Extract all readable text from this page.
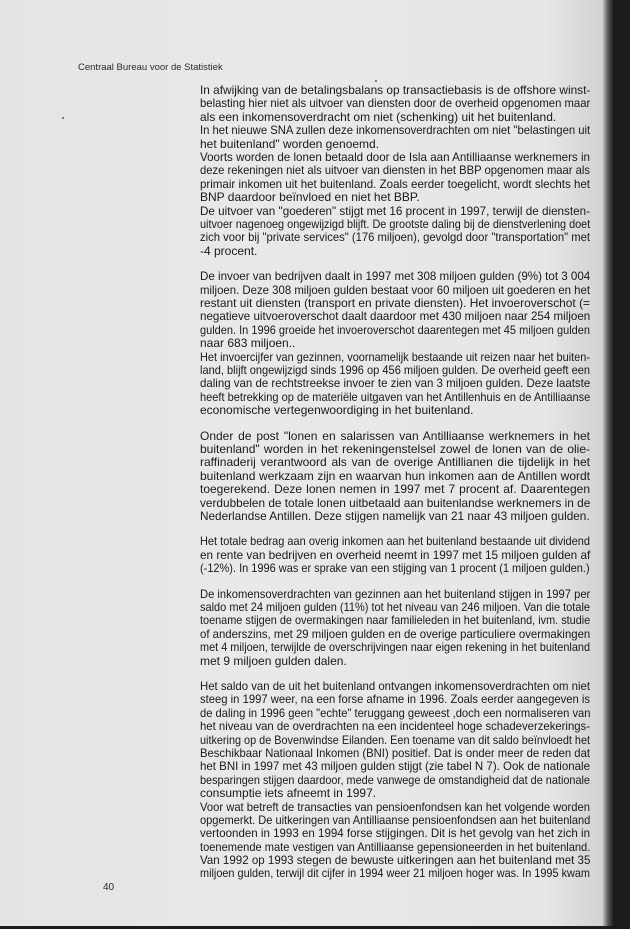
Centraal Bureau voor de Statistiek
In afwijking van de betalingsbalans op transactiebasis is de offshore winst-
belasting hier niet als uitvoer van diensten door de overheid opgenomen maar
als een inkomensoverdracht om niet (schenking) uit het buitenland.
In het nieuwe SNA zullen deze inkomensoverdrachten om niet "belastingen uit
het buitenland" worden genoemd.
Voorts worden de lonen betaald door de Isla aan Antilliaanse werknemers in
deze rekeningen niet als uitvoer van diensten in het BBP opgenomen maar als
primair inkomen uit het buitenland. Zoals eerder toegelicht, wordt slechts het
BNP daardoor beïnvloed en niet het BBP.
De uitvoer van "goederen" stijgt met 16 procent in 1997, terwijl de diensten-
uitvoer nagenoeg ongewijzigd blijft. De grootste daling bij de dienstverlening doet
zich voor bij "private services" (176 miljoen), gevolgd door "transportation" met
-4 procent.
De invoer van bedrijven daalt in 1997 met 308 miljoen gulden (9%) tot 3 004
miljoen. Deze 308 miljoen gulden bestaat voor 60 miljoen uit goederen en het
restant uit diensten (transport en private diensten). Het invoeroverschot (=
negatieve uitvoeroverschot daalt daardoor met 430 miljoen naar 254 miljoen
gulden. In 1996 groeide het invoeroverschot daarentegen met 45 miljoen gulden
naar 683 miljoen..
Het invoercijfer van gezinnen, voornamelijk bestaande uit reizen naar het buiten-
land, blijft ongewijzigd sinds 1996 op 456 miljoen gulden. De overheid geeft een
daling van de rechtstreekse invoer te zien van 3 miljoen gulden. Deze laatste
heeft betrekking op de materiële uitgaven van het Antillenhuis en de Antilliaanse
economische vertegenwoordiging in het buitenland.
Onder de post "lonen en salarissen van Antilliaanse werknemers in het
buitenland" worden in het rekeningenstelsel zowel de lonen van de olie-
raffinaderij verantwoord als van de overige Antillianen die tijdelijk in het
buitenland werkzaam zijn en waarvan hun inkomen aan de Antillen wordt
toegerekend. Deze lonen nemen in 1997 met 7 procent af. Daarentegen
verdubbelen de totale lonen uitbetaald aan buitenlandse werknemers in de
Nederlandse Antillen. Deze stijgen namelijk van 21 naar 43 miljoen gulden.
Het totale bedrag aan overig inkomen aan het buitenland bestaande uit dividend
en rente van bedrijven en overheid neemt in 1997 met 15 miljoen gulden af
(-12%). In 1996 was er sprake van een stijging van 1 procent (1 miljoen gulden.)
De inkomensoverdrachten van gezinnen aan het buitenland stijgen in 1997 per
saldo met 24 miljoen gulden (11%) tot het niveau van 246 miljoen. Van die totale
toename stijgen de overmakingen naar familieleden in het buitenland, ivm. studie
of anderszins, met 29 miljoen gulden en de overige particuliere overmakingen
met 4 miljoen, terwijlde de overschrijvingen naar eigen rekening in het buitenland
met 9 miljoen gulden dalen.
Het saldo van de uit het buitenland ontvangen inkomensoverdrachten om niet
steeg in 1997 weer, na een forse afname in 1996. Zoals eerder aangegeven is
de daling in 1996 geen "echte" teruggang geweest ,doch een normaliseren van
het niveau van de overdrachten na een incidenteel hoge schadeverzekerings-
uitkering op de Bovenwindse Eilanden. Een toename van dit saldo beïnvloedt het
Beschikbaar Nationaal Inkomen (BNI) positief. Dat is onder meer de reden dat
het BNI in 1997 met 43 miljoen gulden stijgt (zie tabel N 7). Ook de nationale
besparingen stijgen daardoor, mede vanwege de omstandigheid dat de nationale
consumptie iets afneemt in 1997.
Voor wat betreft de transacties van pensioenfondsen kan het volgende worden
opgemerkt. De uitkeringen van Antilliaanse pensioenfondsen aan het buitenland
vertoonden in 1993 en 1994 forse stijgingen. Dit is het gevolg van het zich in
toenemende mate vestigen van Antilliaanse gepensioneerden in het buitenland.
Van 1992 op 1993 stegen de bewuste uitkeringen aan het buitenland met 35
miljoen gulden, terwijl dit cijfer in 1994 weer 21 miljoen hoger was. In 1995 kwam
40
